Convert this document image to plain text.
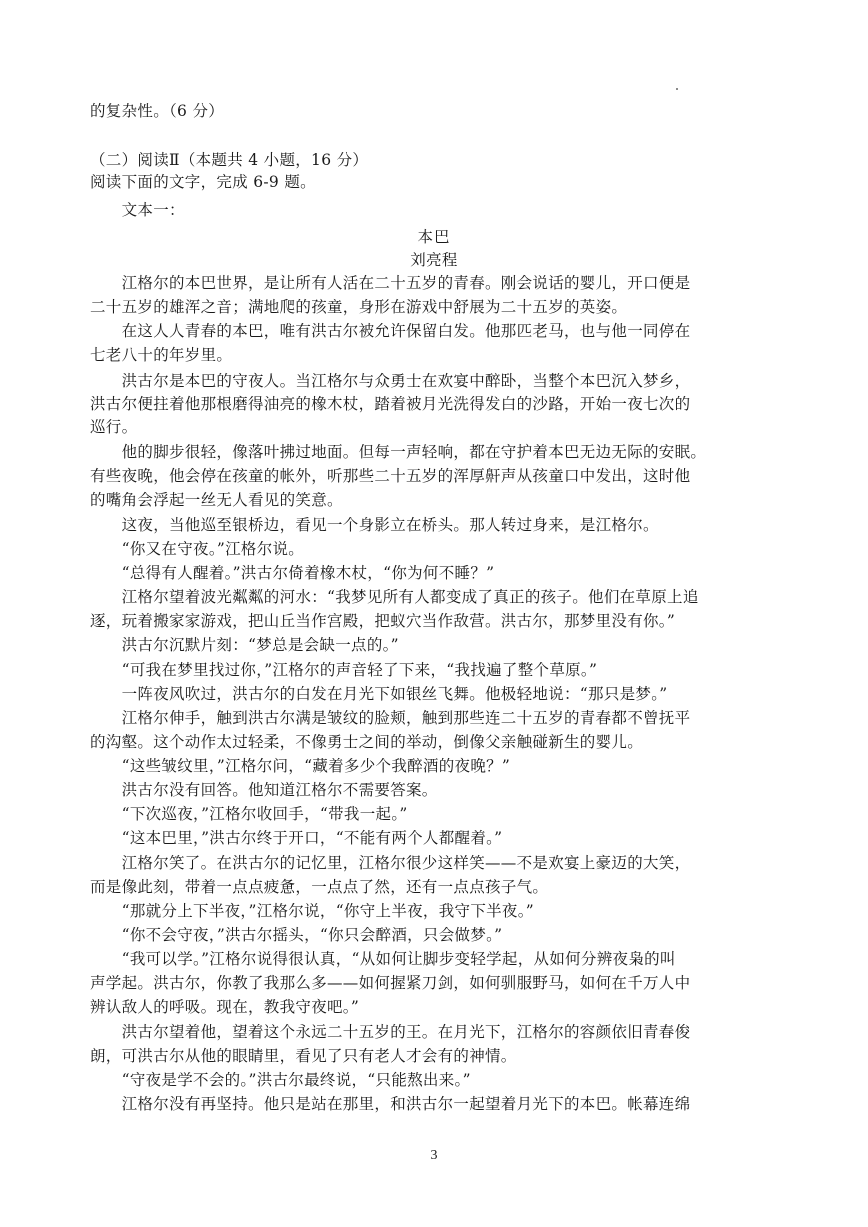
的复杂性。（6 分）
（二）阅读Ⅱ（本题共 4 小题，16 分）
阅读下面的文字，完成 6-9 题。
　　文本一：
本巴
刘亮程
　　江格尔的本巴世界，是让所有人活在二十五岁的青春。刚会说话的婴儿，开口便是
二十五岁的雄浑之音；满地爬的孩童，身形在游戏中舒展为二十五岁的英姿。
　　在这人人青春的本巴，唯有洪古尔被允许保留白发。他那匹老马，也与他一同停在
七老八十的年岁里。
　　洪古尔是本巴的守夜人。当江格尔与众勇士在欢宴中醉卧，当整个本巴沉入梦乡，
洪古尔便拄着他那根磨得油亮的橡木杖，踏着被月光洗得发白的沙路，开始一夜七次的
巡行。
　　他的脚步很轻，像落叶拂过地面。但每一声轻响，都在守护着本巴无边无际的安眠。
有些夜晚，他会停在孩童的帐外，听那些二十五岁的浑厚鼾声从孩童口中发出，这时他
的嘴角会浮起一丝无人看见的笑意。
　　这夜，当他巡至银桥边，看见一个身影立在桥头。那人转过身来，是江格尔。
　　“你又在守夜。”江格尔说。
　　“总得有人醒着。”洪古尔倚着橡木杖，“你为何不睡？”
　　江格尔望着波光粼粼的河水：“我梦见所有人都变成了真正的孩子。他们在草原上追
逐，玩着搬家家游戏，把山丘当作宫殿，把蚁穴当作敌营。洪古尔，那梦里没有你。”
　　洪古尔沉默片刻：“梦总是会缺一点的。”
　　“可我在梦里找过你，”江格尔的声音轻了下来，“我找遍了整个草原。”
　　一阵夜风吹过，洪古尔的白发在月光下如银丝飞舞。他极轻地说：“那只是梦。”
　　江格尔伸手，触到洪古尔满是皱纹的脸颊，触到那些连二十五岁的青春都不曾抚平
的沟壑。这个动作太过轻柔，不像勇士之间的举动，倒像父亲触碰新生的婴儿。
　　“这些皱纹里，”江格尔问，“藏着多少个我醉酒的夜晚？”
　　洪古尔没有回答。他知道江格尔不需要答案。
　　“下次巡夜，”江格尔收回手，“带我一起。”
　　“这本巴里，”洪古尔终于开口，“不能有两个人都醒着。”
　　江格尔笑了。在洪古尔的记忆里，江格尔很少这样笑——不是欢宴上豪迈的大笑，
而是像此刻，带着一点点疲惫，一点点了然，还有一点点孩子气。
　　“那就分上下半夜，”江格尔说，“你守上半夜，我守下半夜。”
　　“你不会守夜，”洪古尔摇头，“你只会醉酒，只会做梦。”
　　“我可以学。”江格尔说得很认真，“从如何让脚步变轻学起，从如何分辨夜枭的叫
声学起。洪古尔，你教了我那么多——如何握紧刀剑，如何驯服野马，如何在千万人中
辨认敌人的呼吸。现在，教我守夜吧。”
　　洪古尔望着他，望着这个永远二十五岁的王。在月光下，江格尔的容颜依旧青春俊
朗，可洪古尔从他的眼睛里，看见了只有老人才会有的神情。
　　“守夜是学不会的。”洪古尔最终说，“只能熬出来。”
　　江格尔没有再坚持。他只是站在那里，和洪古尔一起望着月光下的本巴。帐幕连绵
3
